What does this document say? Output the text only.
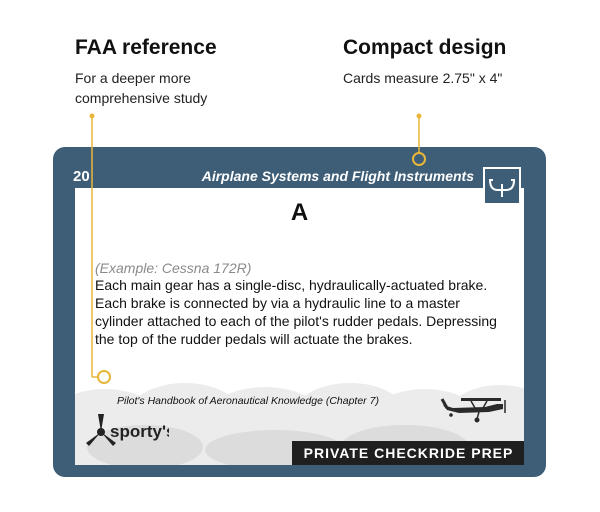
FAA reference
For a deeper more comprehensive study
Compact design
Cards measure 2.75" x 4"
20	Airplane Systems and Flight Instruments
A
(Example: Cessna 172R)
Each main gear has a single-disc, hydraulically-actuated brake. Each brake is connected by via a hydraulic line to a master cylinder attached to each of the pilot's rudder pedals. Depressing the top of the rudder pedals will actuate the brakes.
Pilot's Handbook of Aeronautical Knowledge (Chapter 7)
sporty's
PRIVATE CHECKRIDE PREP
